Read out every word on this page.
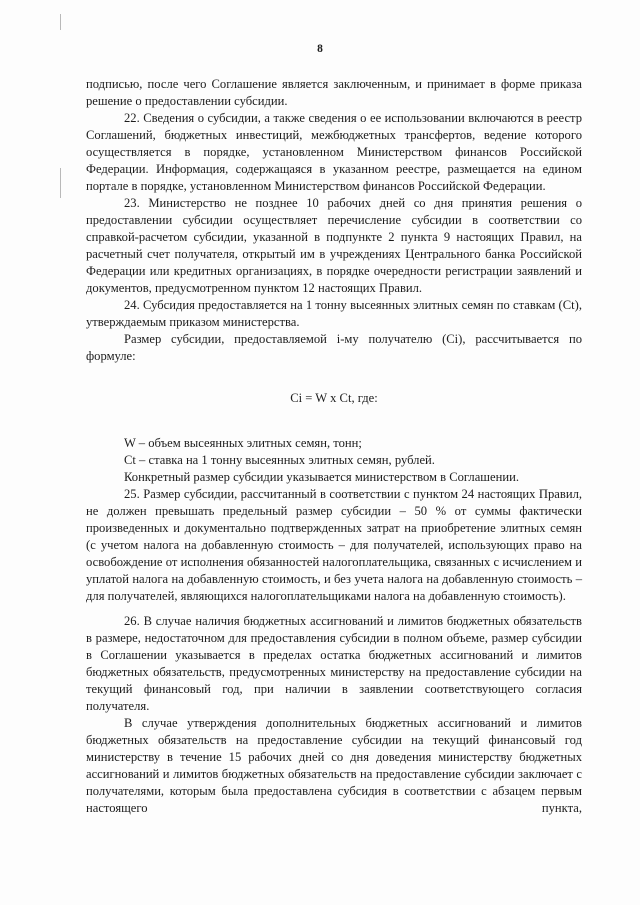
8

подписью, после чего Соглашение является заключенным, и принимает в форме приказа решение о предоставлении субсидии.

22. Сведения о субсидии, а также сведения о ее использовании включаются в реестр Соглашений, бюджетных инвестиций, межбюджетных трансфертов, ведение которого осуществляется в порядке, установленном Министерством финансов Российской Федерации. Информация, содержащаяся в указанном реестре, размещается на едином портале в порядке, установленном Министерством финансов Российской Федерации.

23. Министерство не позднее 10 рабочих дней со дня принятия решения о предоставлении субсидии осуществляет перечисление субсидии в соответствии со справкой-расчетом субсидии, указанной в подпункте 2 пункта 9 настоящих Правил, на расчетный счет получателя, открытый им в учреждениях Центрального банка Российской Федерации или кредитных организациях, в порядке очередности регистрации заявлений и документов, предусмотренном пунктом 12 настоящих Правил.

24. Субсидия предоставляется на 1 тонну высеянных элитных семян по ставкам (Ct), утверждаемым приказом министерства.

Размер субсидии, предоставляемой i-му получателю (Ci), рассчитывается по формуле:

Ci = W x Ct, где:

W – объем высеянных элитных семян, тонн;

Ct – ставка на 1 тонну высеянных элитных семян, рублей.

Конкретный размер субсидии указывается министерством в Соглашении.

25. Размер субсидии, рассчитанный в соответствии с пунктом 24 настоящих Правил, не должен превышать предельный размер субсидии – 50 % от суммы фактически произведенных и документально подтвержденных затрат на приобретение элитных семян (с учетом налога на добавленную стоимость – для получателей, использующих право на освобождение от исполнения обязанностей налогоплательщика, связанных с исчислением и уплатой налога на добавленную стоимость, и без учета налога на добавленную стоимость – для получателей, являющихся налогоплательщиками налога на добавленную стоимость).

26. В случае наличия бюджетных ассигнований и лимитов бюджетных обязательств в размере, недостаточном для предоставления субсидии в полном объеме, размер субсидии в Соглашении указывается в пределах остатка бюджетных ассигнований и лимитов бюджетных обязательств, предусмотренных министерству на предоставление субсидии на текущий финансовый год, при наличии в заявлении соответствующего согласия получателя.

В случае утверждения дополнительных бюджетных ассигнований и лимитов бюджетных обязательств на предоставление субсидии на текущий финансовый год министерству в течение 15 рабочих дней со дня доведения министерству бюджетных ассигнований и лимитов бюджетных обязательств на предоставление субсидии заключает с получателями, которым была предоставлена субсидия в соответствии с абзацем первым настоящего пункта,
